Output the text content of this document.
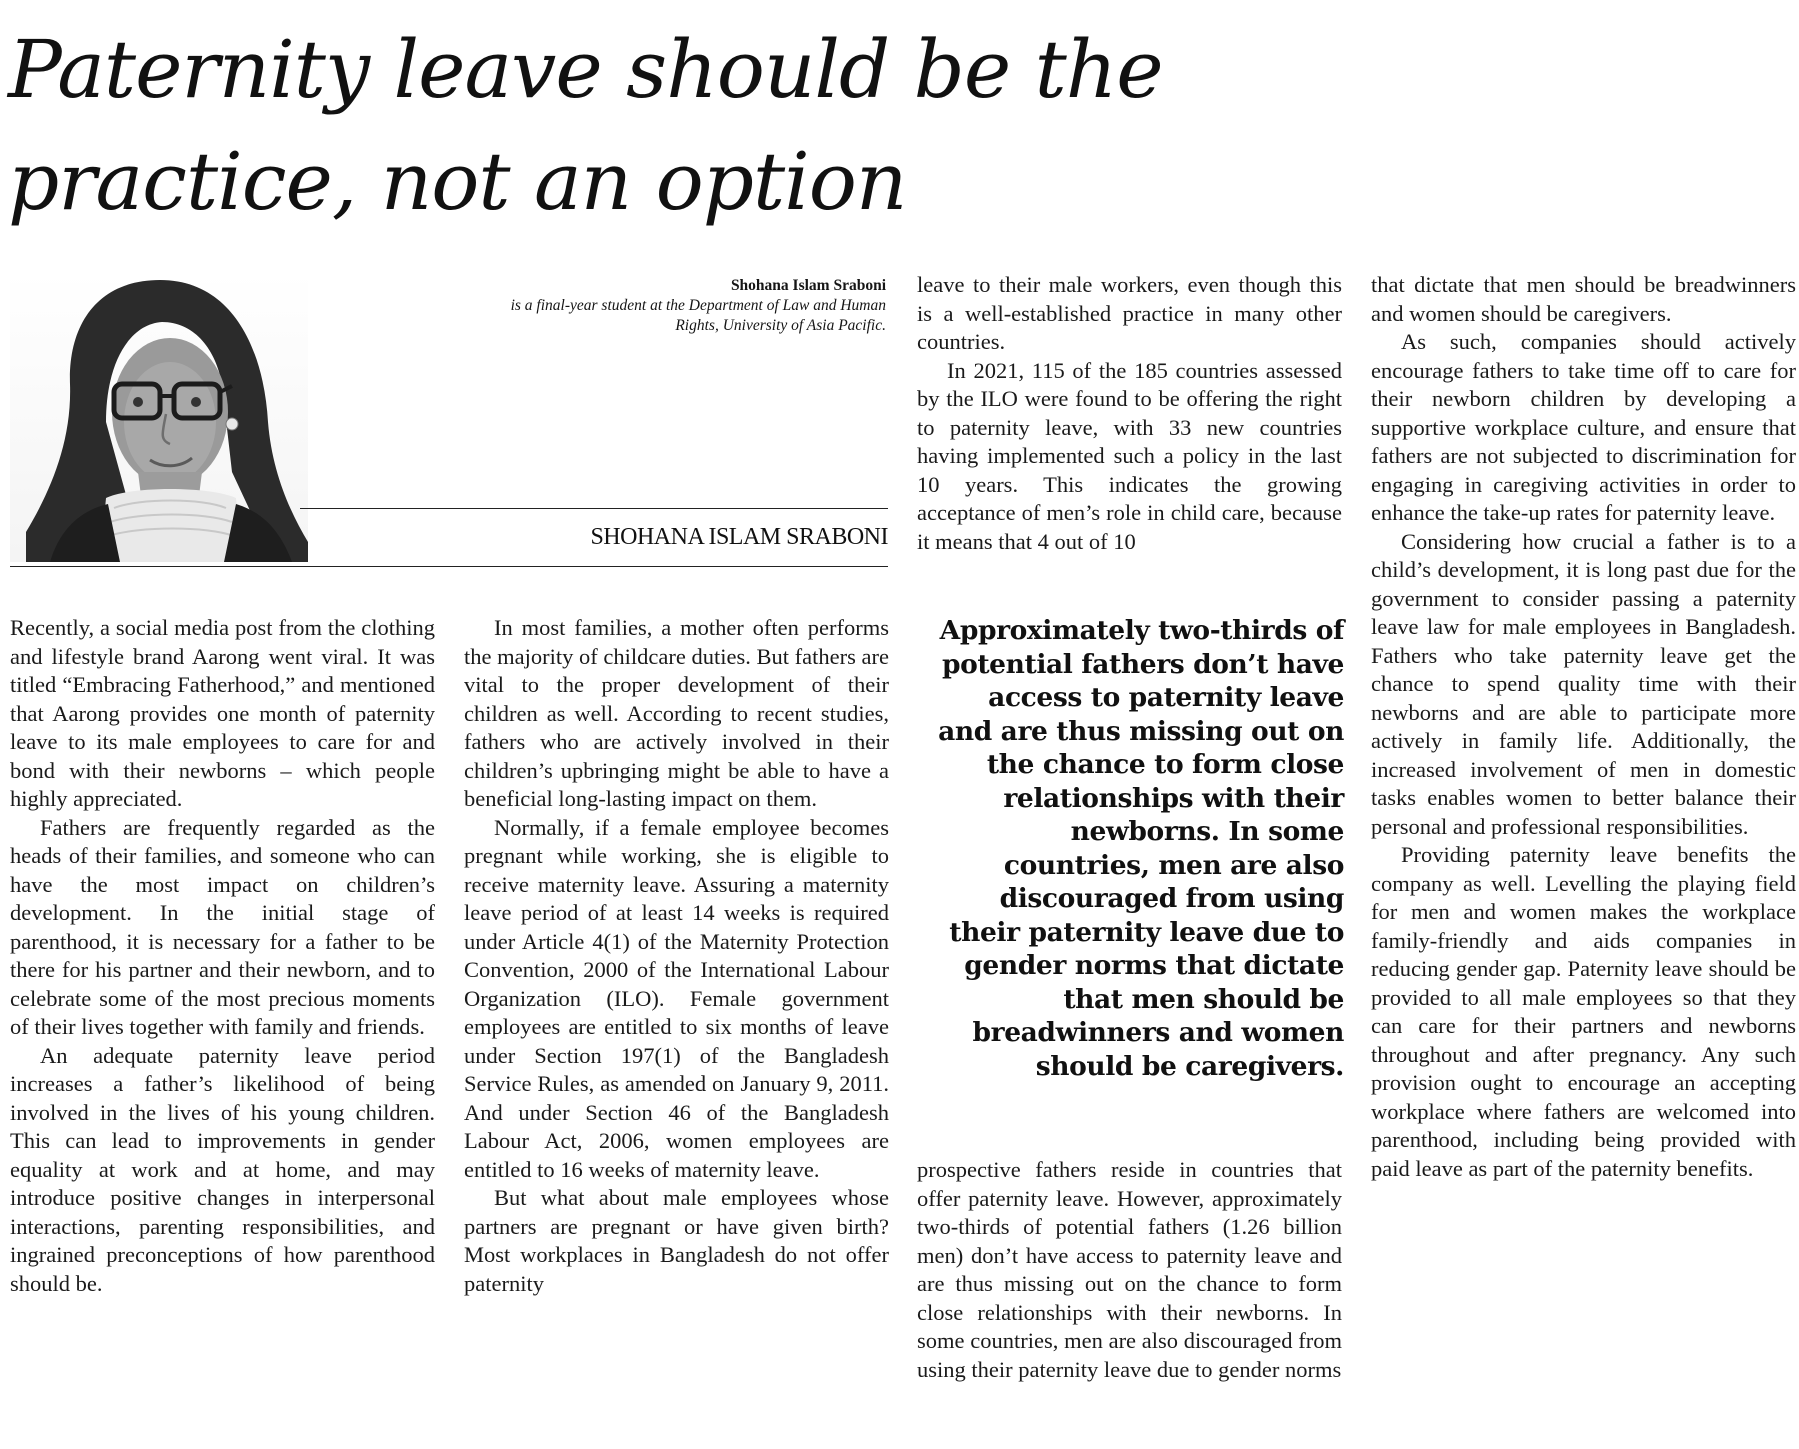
Paternity leave should be the
practice, not an option
Shohana Islam Sraboni
is a final-year student at the Department of Law and Human Rights, University of Asia Pacific.
SHOHANA ISLAM SRABONI

Recently, a social media post from the clothing and lifestyle brand Aarong went viral. It was titled “Embracing Fatherhood,” and mentioned that Aarong provides one month of paternity leave to its male employees to care for and bond with their newborns – which people highly appreciated.

Fathers are frequently regarded as the heads of their families, and someone who can have the most impact on children’s development. In the initial stage of parenthood, it is necessary for a father to be there for his partner and their newborn, and to celebrate some of the most precious moments of their lives together with family and friends.

An adequate paternity leave period increases a father’s likelihood of being involved in the lives of his young children. This can lead to improvements in gender equality at work and at home, and may introduce positive changes in interpersonal interactions, parenting responsibilities, and ingrained preconceptions of how parenthood should be.

In most families, a mother often performs the majority of childcare duties. But fathers are vital to the proper development of their children as well. According to recent studies, fathers who are actively involved in their children’s upbringing might be able to have a beneficial long-lasting impact on them.

Normally, if a female employee becomes pregnant while working, she is eligible to receive maternity leave. Assuring a maternity leave period of at least 14 weeks is required under Article 4(1) of the Maternity Protection Convention, 2000 of the International Labour Organization (ILO). Female government employees are entitled to six months of leave under Section 197(1) of the Bangladesh Service Rules, as amended on January 9, 2011. And under Section 46 of the Bangladesh Labour Act, 2006, women employees are entitled to 16 weeks of maternity leave.

But what about male employees whose partners are pregnant or have given birth? Most workplaces in Bangladesh do not offer paternity

leave to their male workers, even though this is a well-established practice in many other countries.

In 2021, 115 of the 185 countries assessed by the ILO were found to be offering the right to paternity leave, with 33 new countries having implemented such a policy in the last 10 years. This indicates the growing acceptance of men’s role in child care, because it means that 4 out of 10

Approximately two-thirds of potential fathers don’t have access to paternity leave and are thus missing out on the chance to form close relationships with their newborns. In some countries, men are also discouraged from using their paternity leave due to gender norms that dictate that men should be breadwinners and women should be caregivers.

prospective fathers reside in countries that offer paternity leave. However, approximately two-thirds of potential fathers (1.26 billion men) don’t have access to paternity leave and are thus missing out on the chance to form close relationships with their newborns. In some countries, men are also discouraged from using their paternity leave due to gender norms

that dictate that men should be breadwinners and women should be caregivers.

As such, companies should actively encourage fathers to take time off to care for their newborn children by developing a supportive workplace culture, and ensure that fathers are not subjected to discrimination for engaging in caregiving activities in order to enhance the take-up rates for paternity leave.

Considering how crucial a father is to a child’s development, it is long past due for the government to consider passing a paternity leave law for male employees in Bangladesh. Fathers who take paternity leave get the chance to spend quality time with their newborns and are able to participate more actively in family life. Additionally, the increased involvement of men in domestic tasks enables women to better balance their personal and professional responsibilities.

Providing paternity leave benefits the company as well. Levelling the playing field for men and women makes the workplace family-friendly and aids companies in reducing gender gap. Paternity leave should be provided to all male employees so that they can care for their partners and newborns throughout and after pregnancy. Any such provision ought to encourage an accepting workplace where fathers are welcomed into parenthood, including being provided with paid leave as part of the paternity benefits.
